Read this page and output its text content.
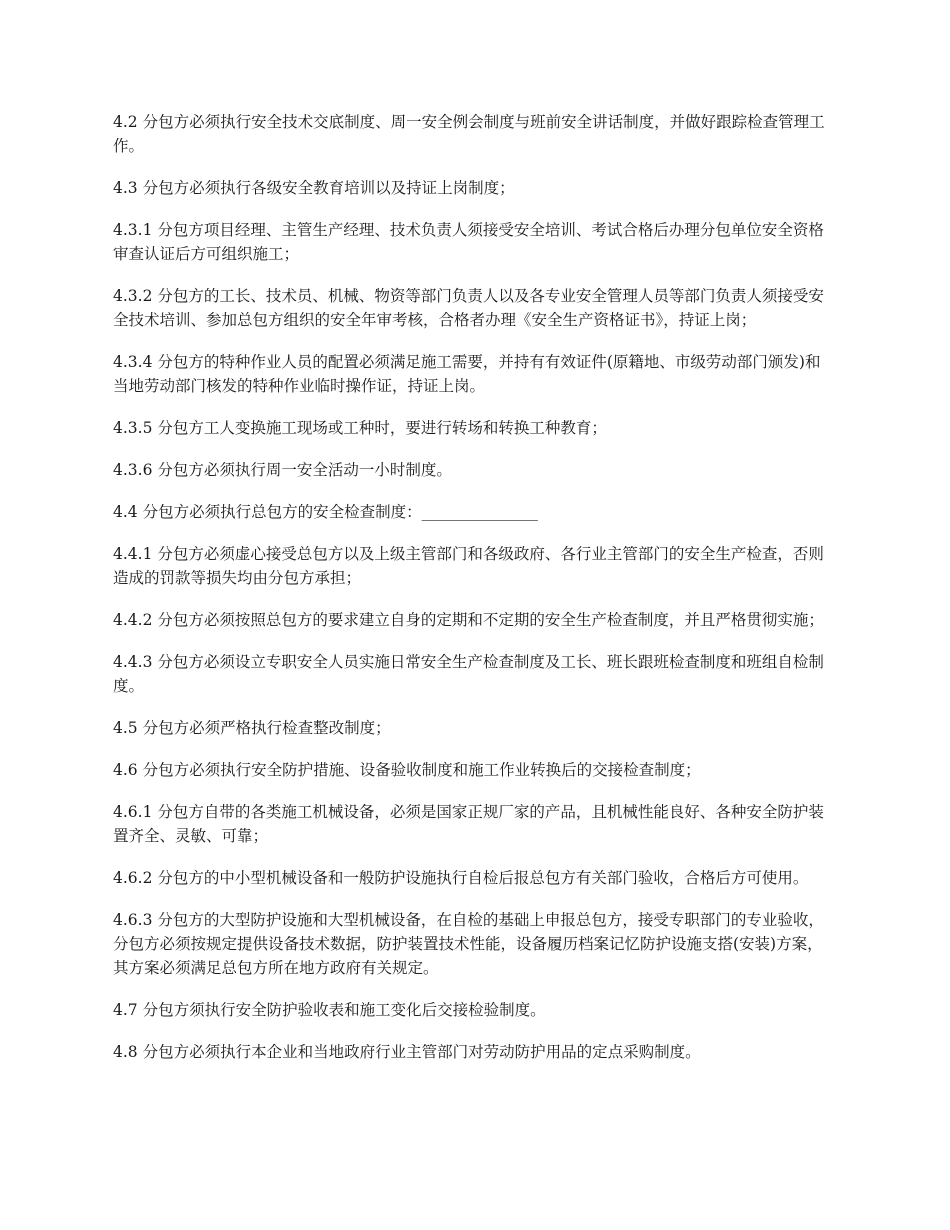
4.2 分包方必须执行安全技术交底制度、周一安全例会制度与班前安全讲话制度，并做好跟踪检查管理工作。

4.3 分包方必须执行各级安全教育培训以及持证上岗制度；

4.3.1 分包方项目经理、主管生产经理、技术负责人须接受安全培训、考试合格后办理分包单位安全资格审查认证后方可组织施工；

4.3.2 分包方的工长、技术员、机械、物资等部门负责人以及各专业安全管理人员等部门负责人须接受安全技术培训、参加总包方组织的安全年审考核，合格者办理《安全生产资格证书》，持证上岗；

4.3.4 分包方的特种作业人员的配置必须满足施工需要，并持有有效证件(原籍地、市级劳动部门颁发)和当地劳动部门核发的特种作业临时操作证，持证上岗。

4.3.5 分包方工人变换施工现场或工种时，要进行转场和转换工种教育；

4.3.6 分包方必须执行周一安全活动一小时制度。

4.4 分包方必须执行总包方的安全检查制度：_______________

4.4.1 分包方必须虚心接受总包方以及上级主管部门和各级政府、各行业主管部门的安全生产检查，否则造成的罚款等损失均由分包方承担；

4.4.2 分包方必须按照总包方的要求建立自身的定期和不定期的安全生产检查制度，并且严格贯彻实施；

4.4.3 分包方必须设立专职安全人员实施日常安全生产检查制度及工长、班长跟班检查制度和班组自检制度。

4.5 分包方必须严格执行检查整改制度；

4.6 分包方必须执行安全防护措施、设备验收制度和施工作业转换后的交接检查制度；

4.6.1 分包方自带的各类施工机械设备，必须是国家正规厂家的产品，且机械性能良好、各种安全防护装置齐全、灵敏、可靠；

4.6.2 分包方的中小型机械设备和一般防护设施执行自检后报总包方有关部门验收，合格后方可使用。

4.6.3 分包方的大型防护设施和大型机械设备，在自检的基础上申报总包方，接受专职部门的专业验收，分包方必须按规定提供设备技术数据，防护装置技术性能，设备履历档案记忆防护设施支搭(安装)方案，其方案必须满足总包方所在地方政府有关规定。

4.7 分包方须执行安全防护验收表和施工变化后交接检验制度。

4.8 分包方必须执行本企业和当地政府行业主管部门对劳动防护用品的定点采购制度。
